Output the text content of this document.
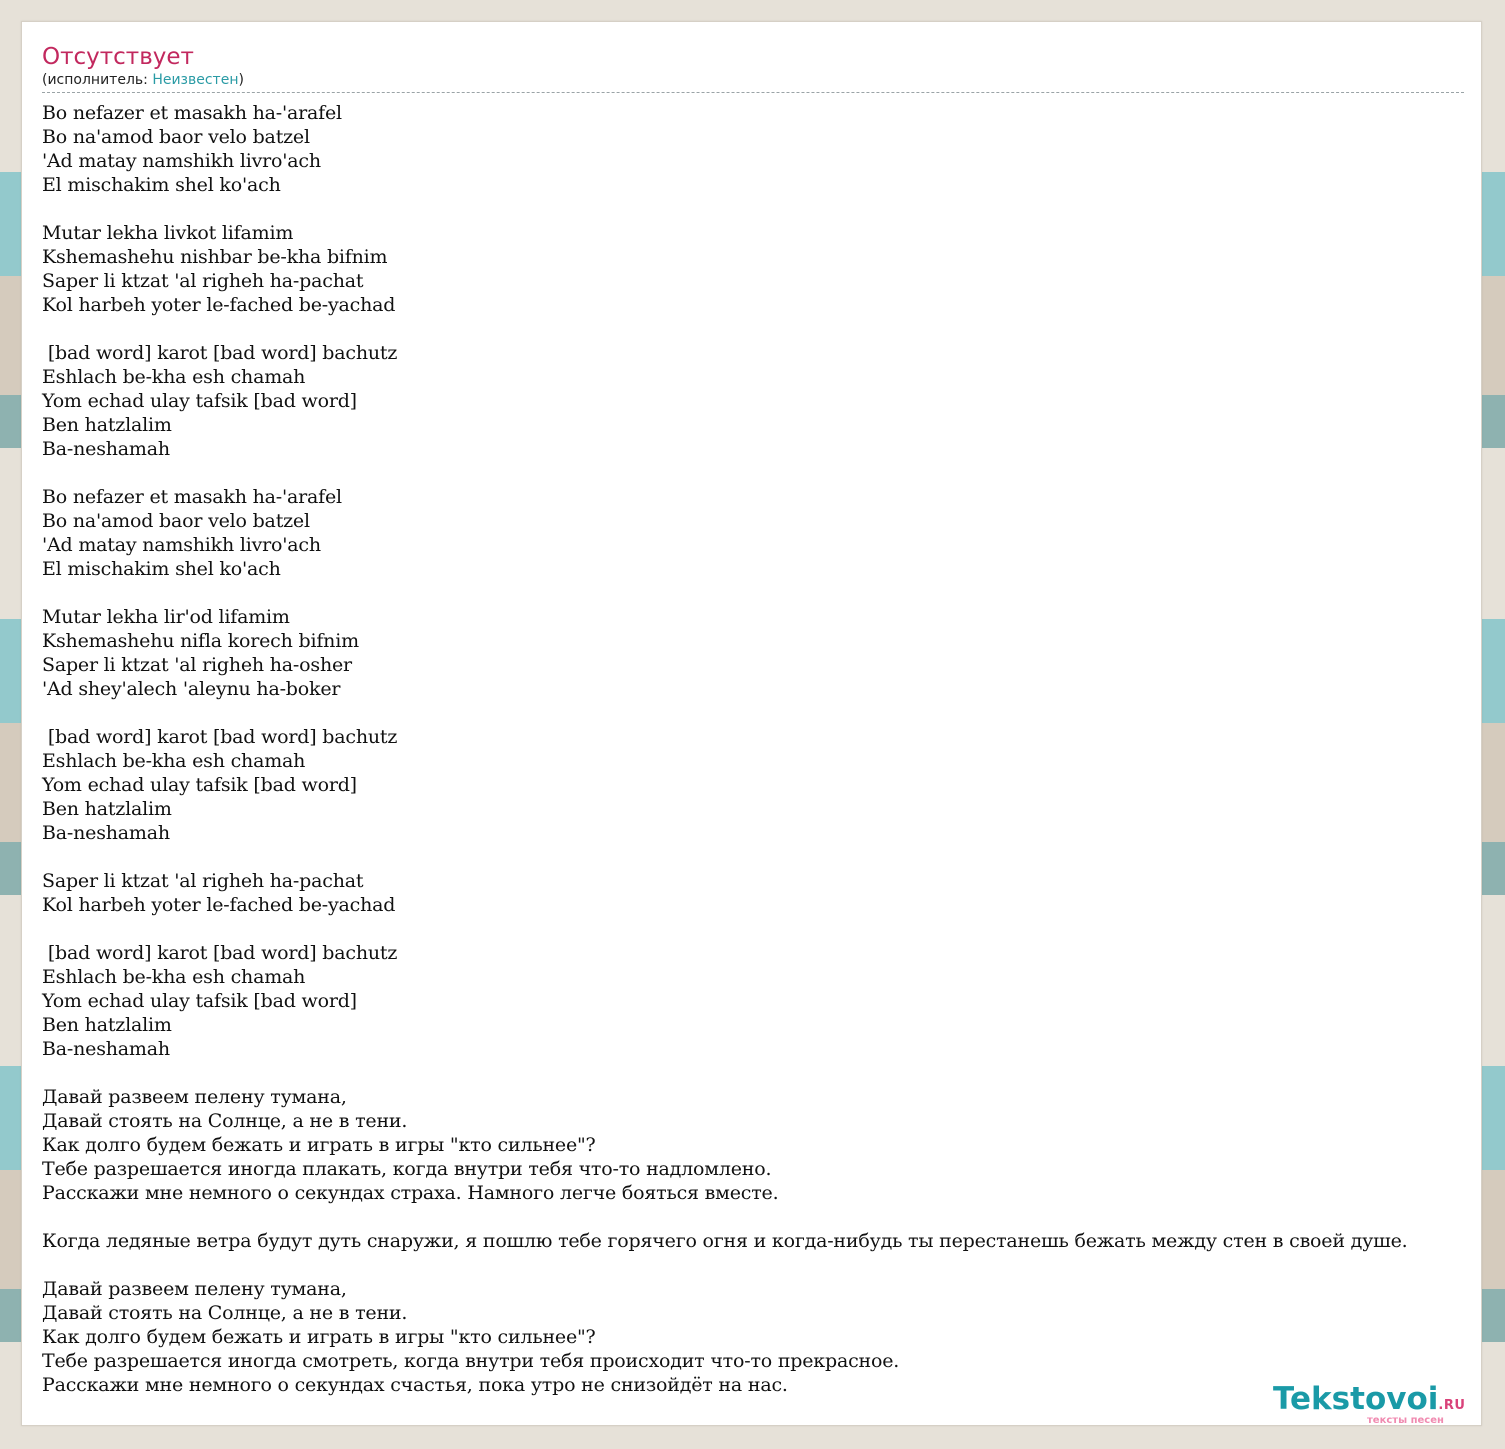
Отсутствует
(исполнитель: Неизвестен)
Bo nefazer et masakh ha-'arafel
Bo na'amod baor velo batzel
'Ad matay namshikh livro'ach
El mischakim shel ko'ach

Mutar lekha livkot lifamim
Kshemashehu nishbar be-kha bifnim
Saper li ktzat 'al righeh ha-pachat
Kol harbeh yoter le-fached be-yachad

[bad word] karot [bad word] bachutz
Eshlach be-kha esh chamah
Yom echad ulay tafsik [bad word]
Ben hatzlalim
Ba-neshamah

Bo nefazer et masakh ha-'arafel
Bo na'amod baor velo batzel
'Ad matay namshikh livro'ach
El mischakim shel ko'ach

Mutar lekha lir'od lifamim
Kshemashehu nifla korech bifnim
Saper li ktzat 'al righeh ha-osher
'Ad shey'alech 'aleynu ha-boker

[bad word] karot [bad word] bachutz
Eshlach be-kha esh chamah
Yom echad ulay tafsik [bad word]
Ben hatzlalim
Ba-neshamah

Saper li ktzat 'al righeh ha-pachat
Kol harbeh yoter le-fached be-yachad

[bad word] karot [bad word] bachutz
Eshlach be-kha esh chamah
Yom echad ulay tafsik [bad word]
Ben hatzlalim
Ba-neshamah

Давай развеем пелену тумана,
Давай стоять на Солнце, а не в тени.
Как долго будем бежать и играть в игры "кто сильнее"?
Тебе разрешается иногда плакать, когда внутри тебя что-то надломлено.
Расскажи мне немного о секундах страха. Намного легче бояться вместе.

Когда ледяные ветра будут дуть снаружи, я пошлю тебе горячего огня и когда-нибудь ты перестанешь бежать между стен в своей душе.

Давай развеем пелену тумана,
Давай стоять на Солнце, а не в тени.
Как долго будем бежать и играть в игры "кто сильнее"?
Тебе разрешается иногда смотреть, когда внутри тебя происходит что-то прекрасное.
Расскажи мне немного о секундах счастья, пока утро не снизойдёт на нас.	Tekstovoi.RU
тексты песен
